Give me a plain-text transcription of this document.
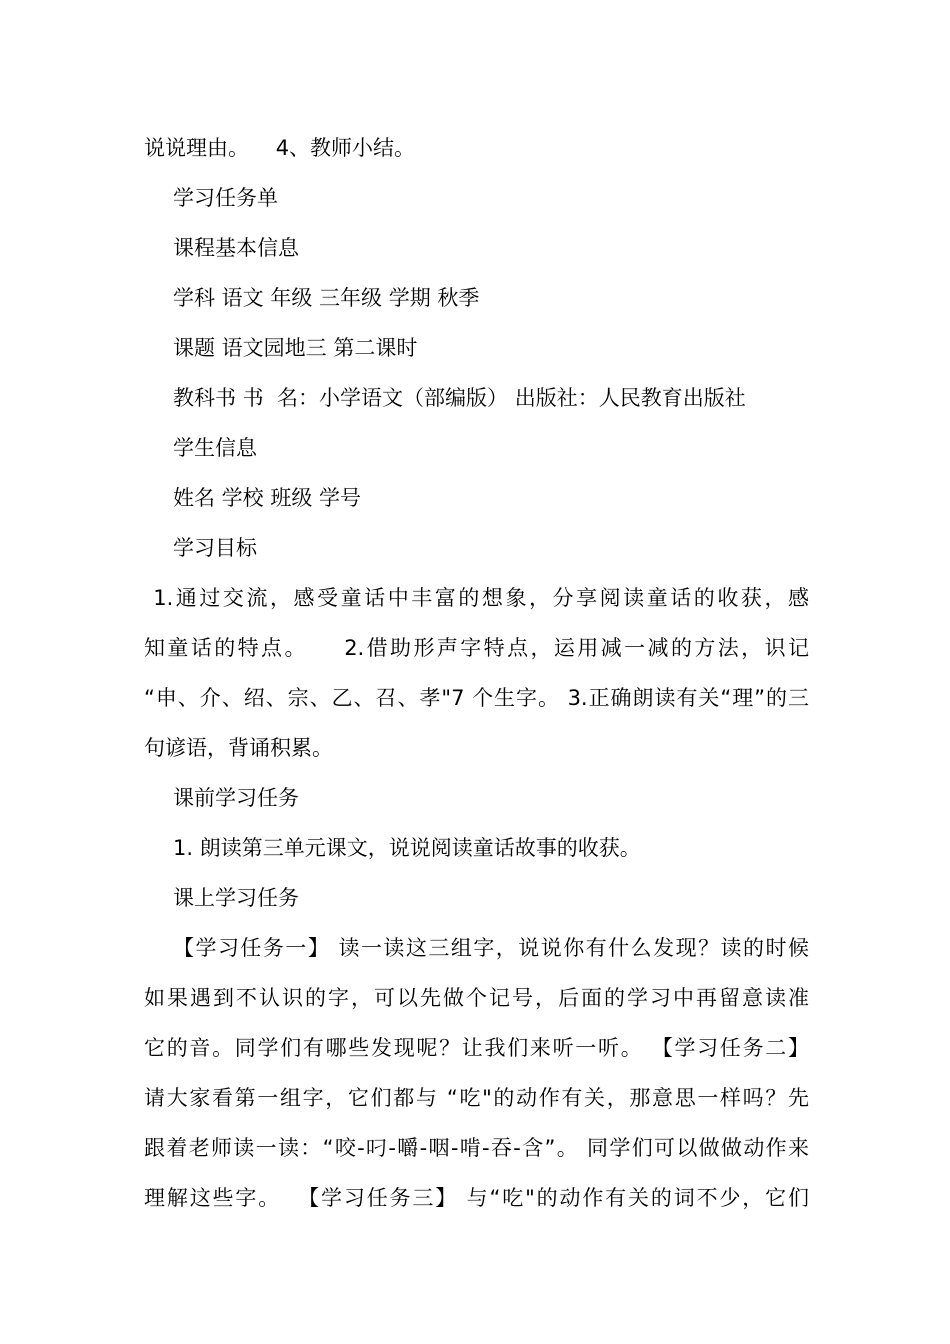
说说理由。    4、教师小结。
学习任务单
课程基本信息
学科 语文 年级 三年级 学期 秋季
课题 语文园地三 第二课时
教科书 书  名：小学语文（部编版） 出版社：人民教育出版社
学生信息
姓名 学校 班级 学号
学习目标
1.通过交流，感受童话中丰富的想象，分享阅读童话的收获，感
知童话的特点。    2.借助形声字特点，运用减一减的方法，识记
“申、介、绍、宗、乙、召、孝"7 个生字。 3.正确朗读有关“理”的三
句谚语，背诵积累。
课前学习任务
1. 朗读第三单元课文，说说阅读童话故事的收获。
课上学习任务
【学习任务一】 读一读这三组字，说说你有什么发现？读的时候
如果遇到不认识的字，可以先做个记号，后面的学习中再留意读准
它的音。同学们有哪些发现呢？让我们来听一听。 【学习任务二】
请大家看第一组字，它们都与 “吃"的动作有关，那意思一样吗？先
跟着老师读一读：“咬-叼-嚼-咽-啃-吞-含”。 同学们可以做做动作来
理解这些字。  【学习任务三】 与“吃"的动作有关的词不少，它们
